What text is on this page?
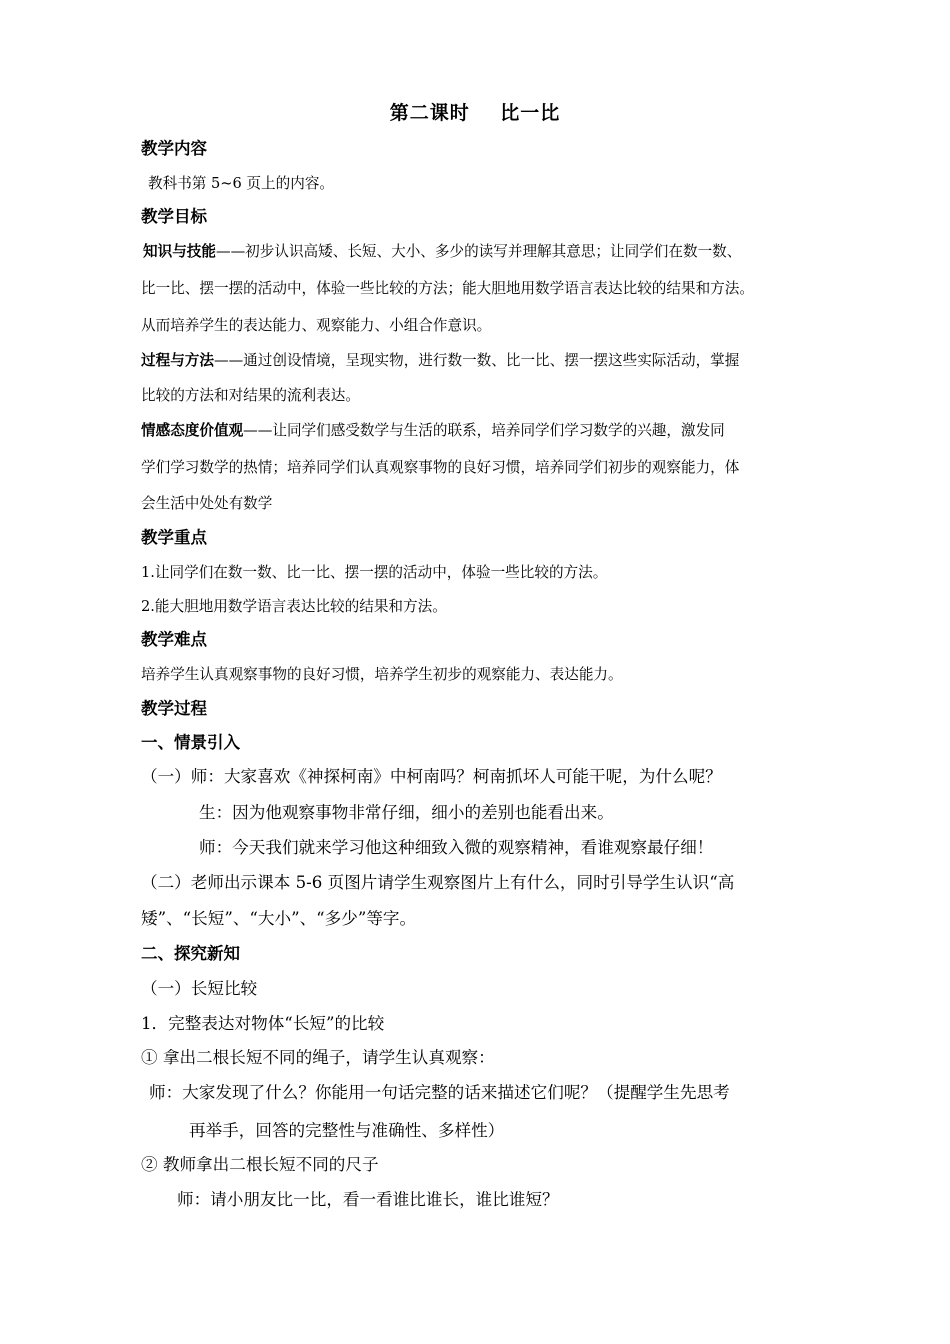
第二课时    比一比
教学内容
教科书第 5~6 页上的内容。
教学目标
知识与技能——初步认识高矮、长短、大小、多少的读写并理解其意思；让同学们在数一数、
比一比、摆一摆的活动中，体验一些比较的方法；能大胆地用数学语言表达比较的结果和方法。
从而培养学生的表达能力、观察能力、小组合作意识。
过程与方法——通过创设情境，呈现实物，进行数一数、比一比、摆一摆这些实际活动，掌握
比较的方法和对结果的流利表达。
情感态度价值观——让同学们感受数学与生活的联系，培养同学们学习数学的兴趣，激发同
学们学习数学的热情；培养同学们认真观察事物的良好习惯，培养同学们初步的观察能力，体
会生活中处处有数学
教学重点
1.让同学们在数一数、比一比、摆一摆的活动中，体验一些比较的方法。
2.能大胆地用数学语言表达比较的结果和方法。
教学难点
培养学生认真观察事物的良好习惯，培养学生初步的观察能力、表达能力。
教学过程
一、情景引入
（一）师：大家喜欢《神探柯南》中柯南吗？柯南抓坏人可能干呢，为什么呢？
生：因为他观察事物非常仔细，细小的差别也能看出来。
师：今天我们就来学习他这种细致入微的观察精神，看谁观察最仔细！
（二）老师出示课本 5-6 页图片请学生观察图片上有什么，同时引导学生认识“高
矮”、“长短”、“大小”、“多少”等字。
二、探究新知
（一）长短比较
1．完整表达对物体“长短”的比较
① 拿出二根长短不同的绳子，请学生认真观察：
师：大家发现了什么？你能用一句话完整的话来描述它们呢？（提醒学生先思考
再举手，回答的完整性与准确性、多样性）
② 教师拿出二根长短不同的尺子
师：请小朋友比一比，看一看谁比谁长，谁比谁短？
